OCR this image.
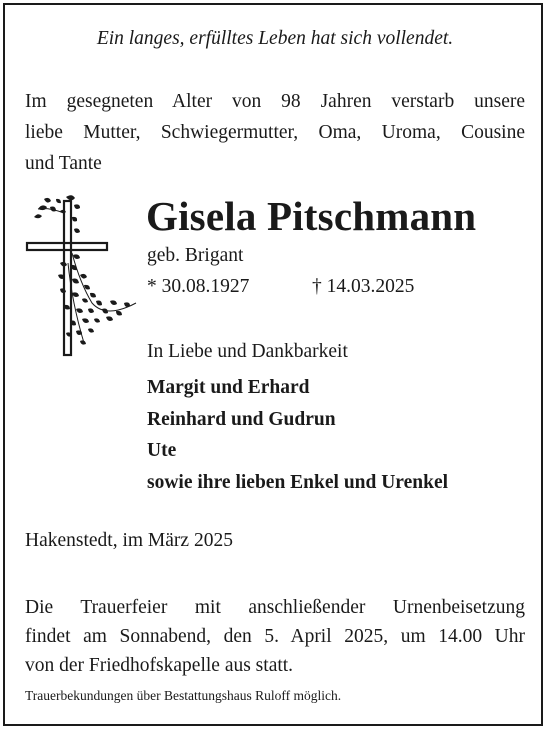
Ein langes, erfülltes Leben hat sich vollendet.
Im gesegneten Alter von 98 Jahren verstarb unsere
liebe Mutter, Schwiegermutter, Oma, Uroma, Cousine
und Tante
Gisela Pitschmann
geb. Brigant
* 30.08.1927	† 14.03.2025
In Liebe und Dankbarkeit
Margit und Erhard
Reinhard und Gudrun
Ute
sowie ihre lieben Enkel und Urenkel
Hakenstedt, im März 2025
Die Trauerfeier mit anschließender Urnenbeisetzung
findet am Sonnabend, den 5. April 2025, um 14.00 Uhr
von der Friedhofskapelle aus statt.
Trauerbekundungen über Bestattungshaus Ruloff möglich.
